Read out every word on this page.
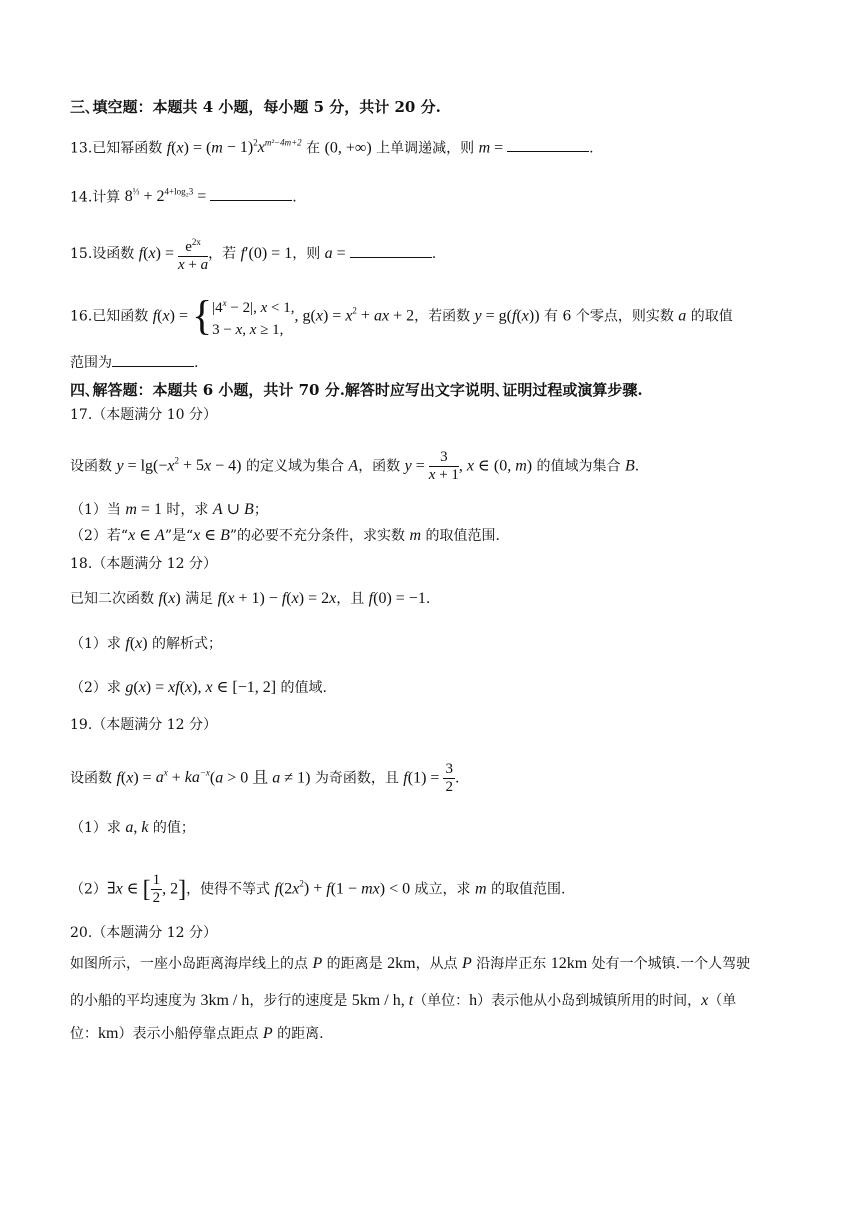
三､填空题：本题共 4 小题，每小题 5 分，共计 20 分.
13.已知幂函数 $f(x) = (m - 1)^2x^{m^2-4m+2}$ 在 (0, +∞) 上单调递减，则 m =	.
14.计算 $8^{\frac{1}{3}} + 2^{4+log_23}$ =	.
15.设函数 $f(x) = \frac{e^{2x}}{x + a}$ ，若 f′(0) = 1，则 a =	.
16.已知函数 f(x) = { $|4^x - 2|$, x < 1,
3 − x, x ≥ 1,
, $g(x) = x^2$ + ax + 2，若函数 y = g(f(x)) 有 6 个零点，则实数 a 的取值
范围为	.
四､解答题：本题共 6 小题，共计 70 分.解答时应写出文字说明､证明过程或演算步骤.
17.（本题满分 10 分）
设函数 $y = \lg(-x^2 + 5x - 4)$ 的定义域为集合 A，函数 $y = \frac{3}{x + 1}$ , x ∈ (0, m) 的值域为集合 B.
（1）当 m = 1 时，求 A ∪ B；
（2）若“x ∈ A”是“x ∈ B”的必要不充分条件，求实数 m 的取值范围.
18.（本题满分 12 分）
已知二次函数 f(x) 满足 f(x + 1) − f(x) = 2x，且 f(0) = −1.
（1）求 f(x) 的解析式；
（2）求 g(x) = xf(x), x ∈ [−1, 2] 的值域.
19.（本题满分 12 分）
设函数 $f(x) = a^x + ka^{-x}(a > 0$ 且 a ≠ 1) 为奇函数，且 $f(1) = \frac{3}{2}$ .
（1）求 a, k 的值；
（2）∃x ∈ [ $\frac{1}{2}$ , 2]，使得不等式 $f(2x^2) + f(1 - mx) < 0$ 成立，求 m 的取值范围.
20.（本题满分 12 分）
如图所示，一座小岛距离海岸线上的点 P 的距离是 2km，从点 P 沿海岸正东 12km 处有一个城镇.一个人驾驶
的小船的平均速度为 3km / h，步行的速度是 5km / h, t（单位：h）表示他从小岛到城镇所用的时间，x（单
位：km）表示小船停靠点距点 P 的距离.
